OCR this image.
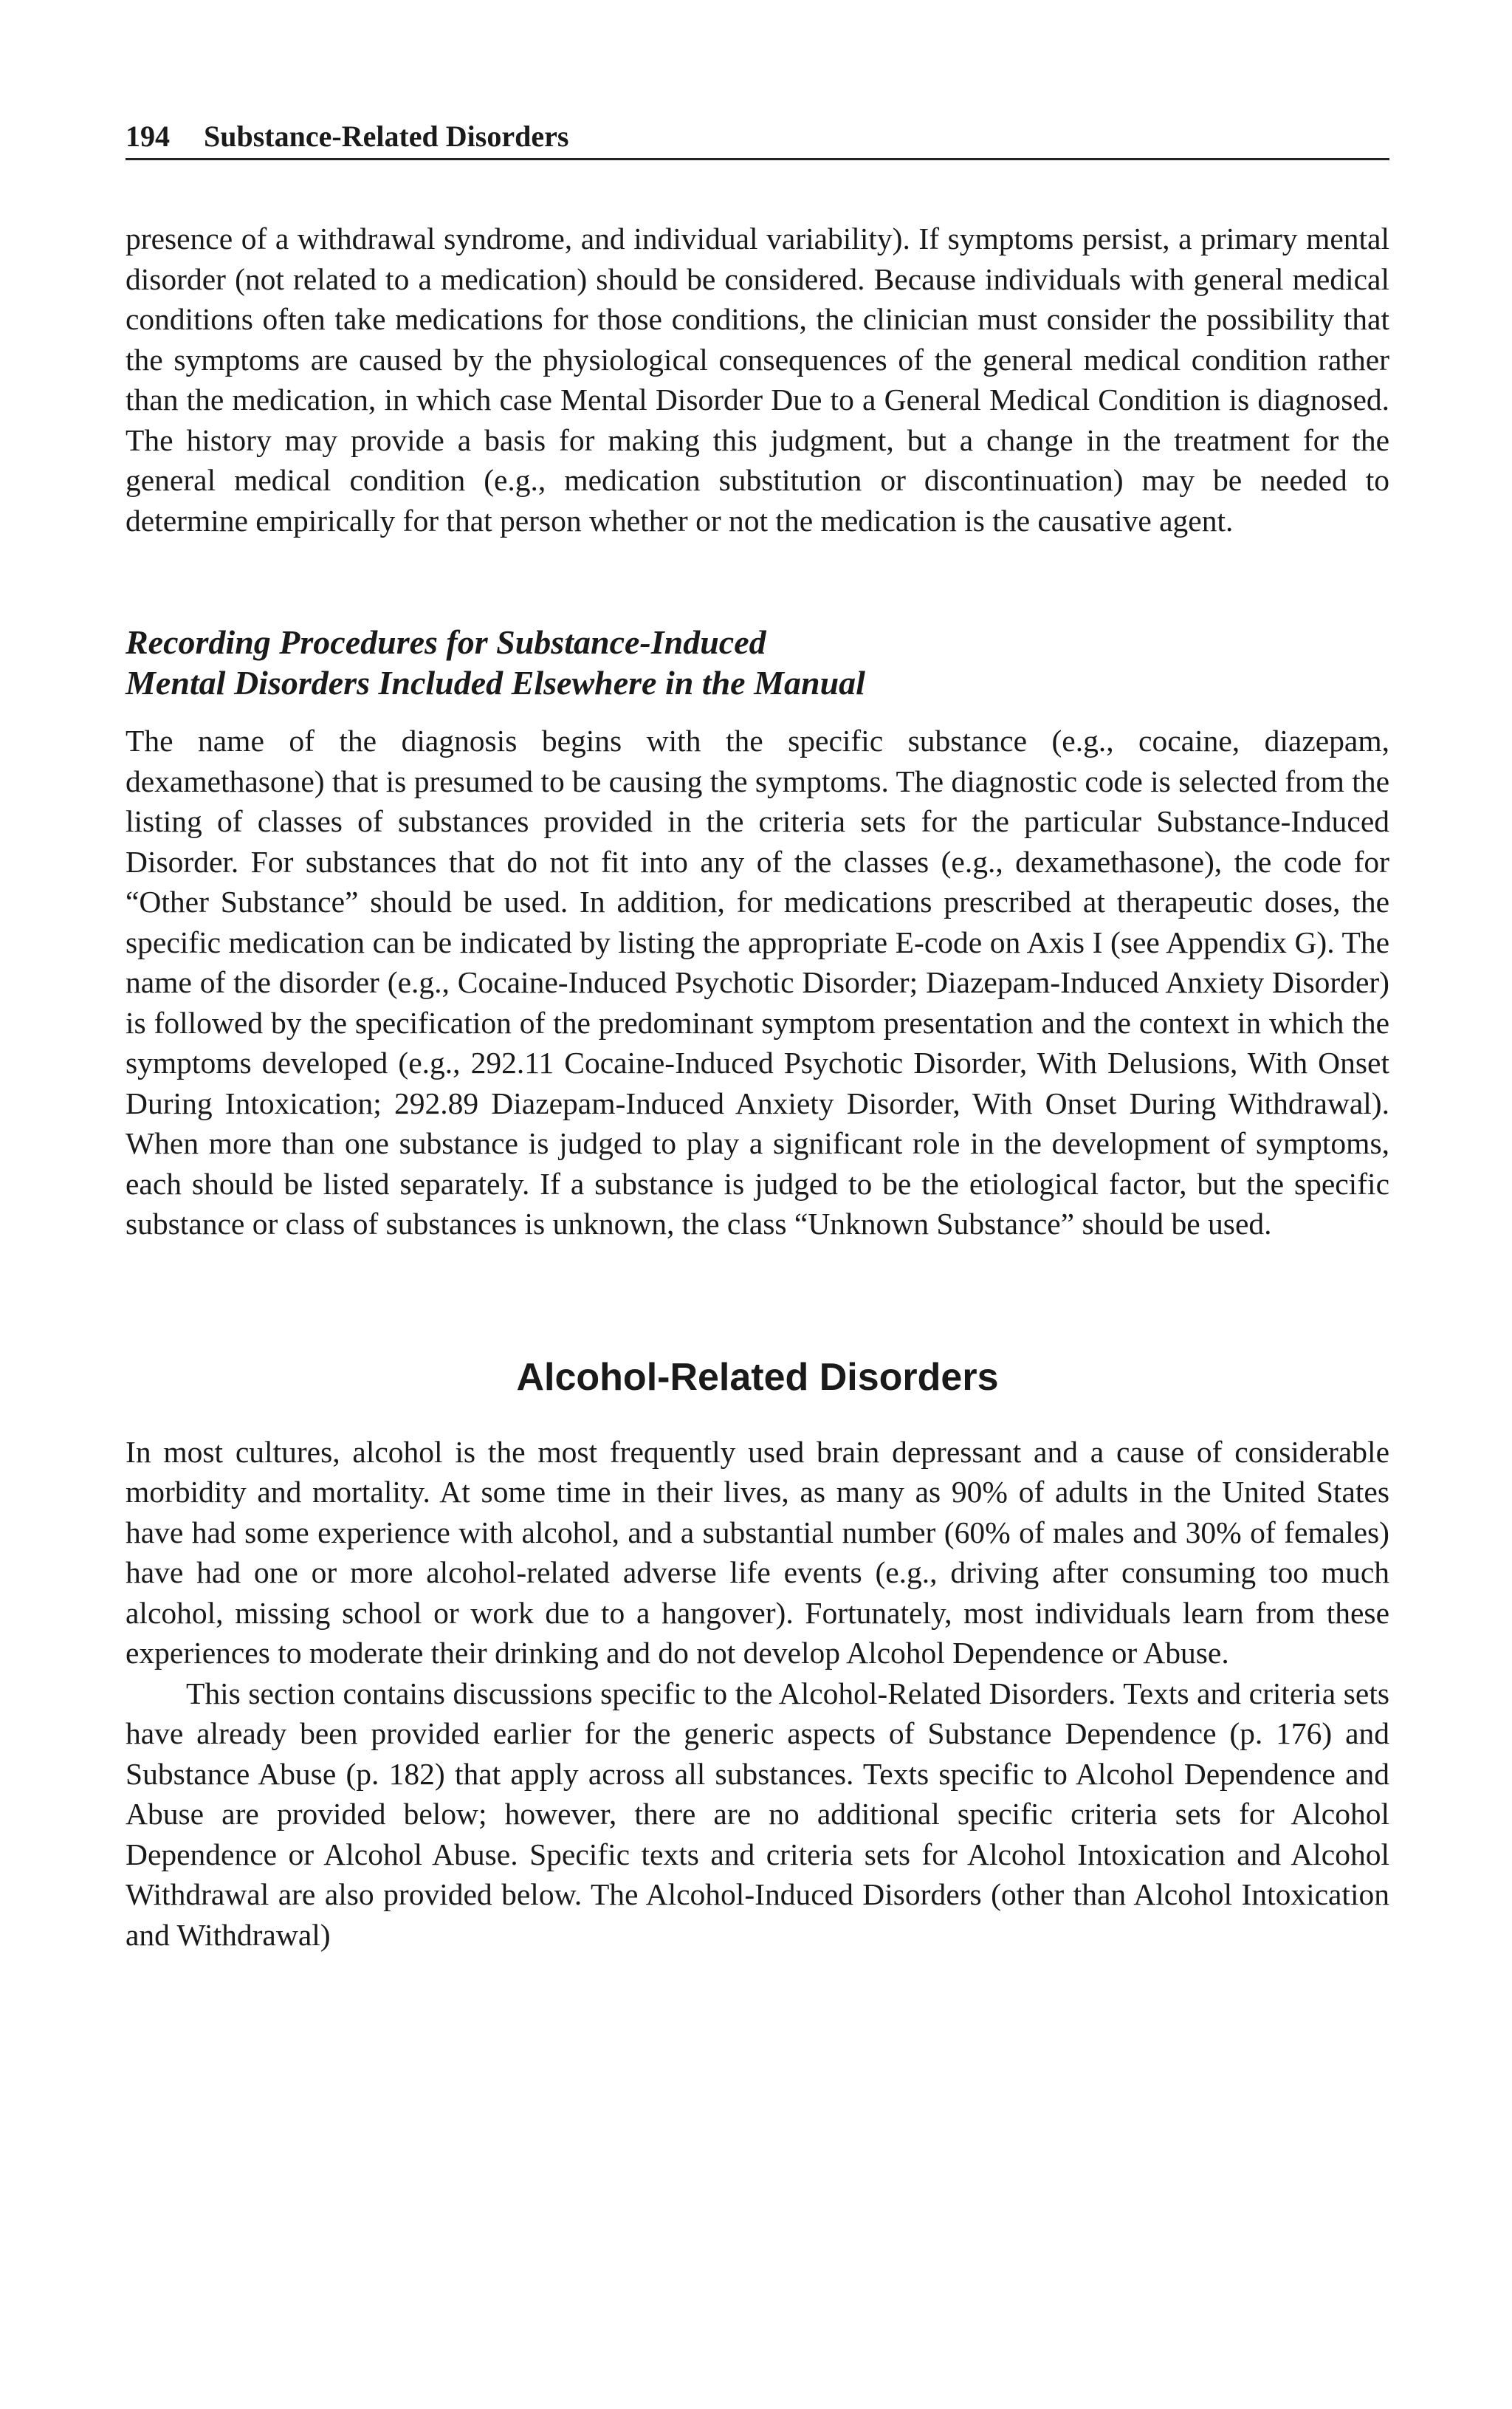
194 Substance-Related Disorders

presence of a withdrawal syndrome, and individual variability). If symptoms persist, a primary mental disorder (not related to a medication) should be considered. Because individuals with general medical conditions often take medications for those conditions, the clinician must consider the possibility that the symptoms are caused by the physiological consequences of the general medical condition rather than the medication, in which case Mental Disorder Due to a General Medical Condition is diagnosed. The history may provide a basis for making this judgment, but a change in the treatment for the general medical condition (e.g., medication substitution or discontinuation) may be needed to determine empirically for that person whether or not the medication is the causative agent.

Recording Procedures for Substance-Induced
Mental Disorders Included Elsewhere in the Manual

The name of the diagnosis begins with the specific substance (e.g., cocaine, diazepam, dexamethasone) that is presumed to be causing the symptoms. The diagnostic code is selected from the listing of classes of substances provided in the criteria sets for the particular Substance-Induced Disorder. For substances that do not fit into any of the classes (e.g., dexamethasone), the code for “Other Substance” should be used. In addition, for medications prescribed at therapeutic doses, the specific medication can be indicated by listing the appropriate E-code on Axis I (see Appendix G). The name of the disorder (e.g., Cocaine-Induced Psychotic Disorder; Diazepam-Induced Anxiety Disorder) is followed by the specification of the predominant symptom presentation and the context in which the symptoms developed (e.g., 292.11 Cocaine-Induced Psychotic Disorder, With Delusions, With Onset During Intoxication; 292.89 Diazepam-Induced Anxiety Disorder, With Onset During Withdrawal). When more than one substance is judged to play a significant role in the development of symptoms, each should be listed separately. If a substance is judged to be the etiological factor, but the specific substance or class of substances is unknown, the class “Unknown Substance” should be used.

Alcohol-Related Disorders

In most cultures, alcohol is the most frequently used brain depressant and a cause of considerable morbidity and mortality. At some time in their lives, as many as 90% of adults in the United States have had some experience with alcohol, and a substantial number (60% of males and 30% of females) have had one or more alcohol-related adverse life events (e.g., driving after consuming too much alcohol, missing school or work due to a hangover). Fortunately, most individuals learn from these experiences to moderate their drinking and do not develop Alcohol Dependence or Abuse.

This section contains discussions specific to the Alcohol-Related Disorders. Texts and criteria sets have already been provided earlier for the generic aspects of Substance Dependence (p. 176) and Substance Abuse (p. 182) that apply across all substances. Texts specific to Alcohol Dependence and Abuse are provided below; however, there are no additional specific criteria sets for Alcohol Dependence or Alcohol Abuse. Specific texts and criteria sets for Alcohol Intoxication and Alcohol Withdrawal are also provided below. The Alcohol-Induced Disorders (other than Alcohol Intoxication and Withdrawal)
